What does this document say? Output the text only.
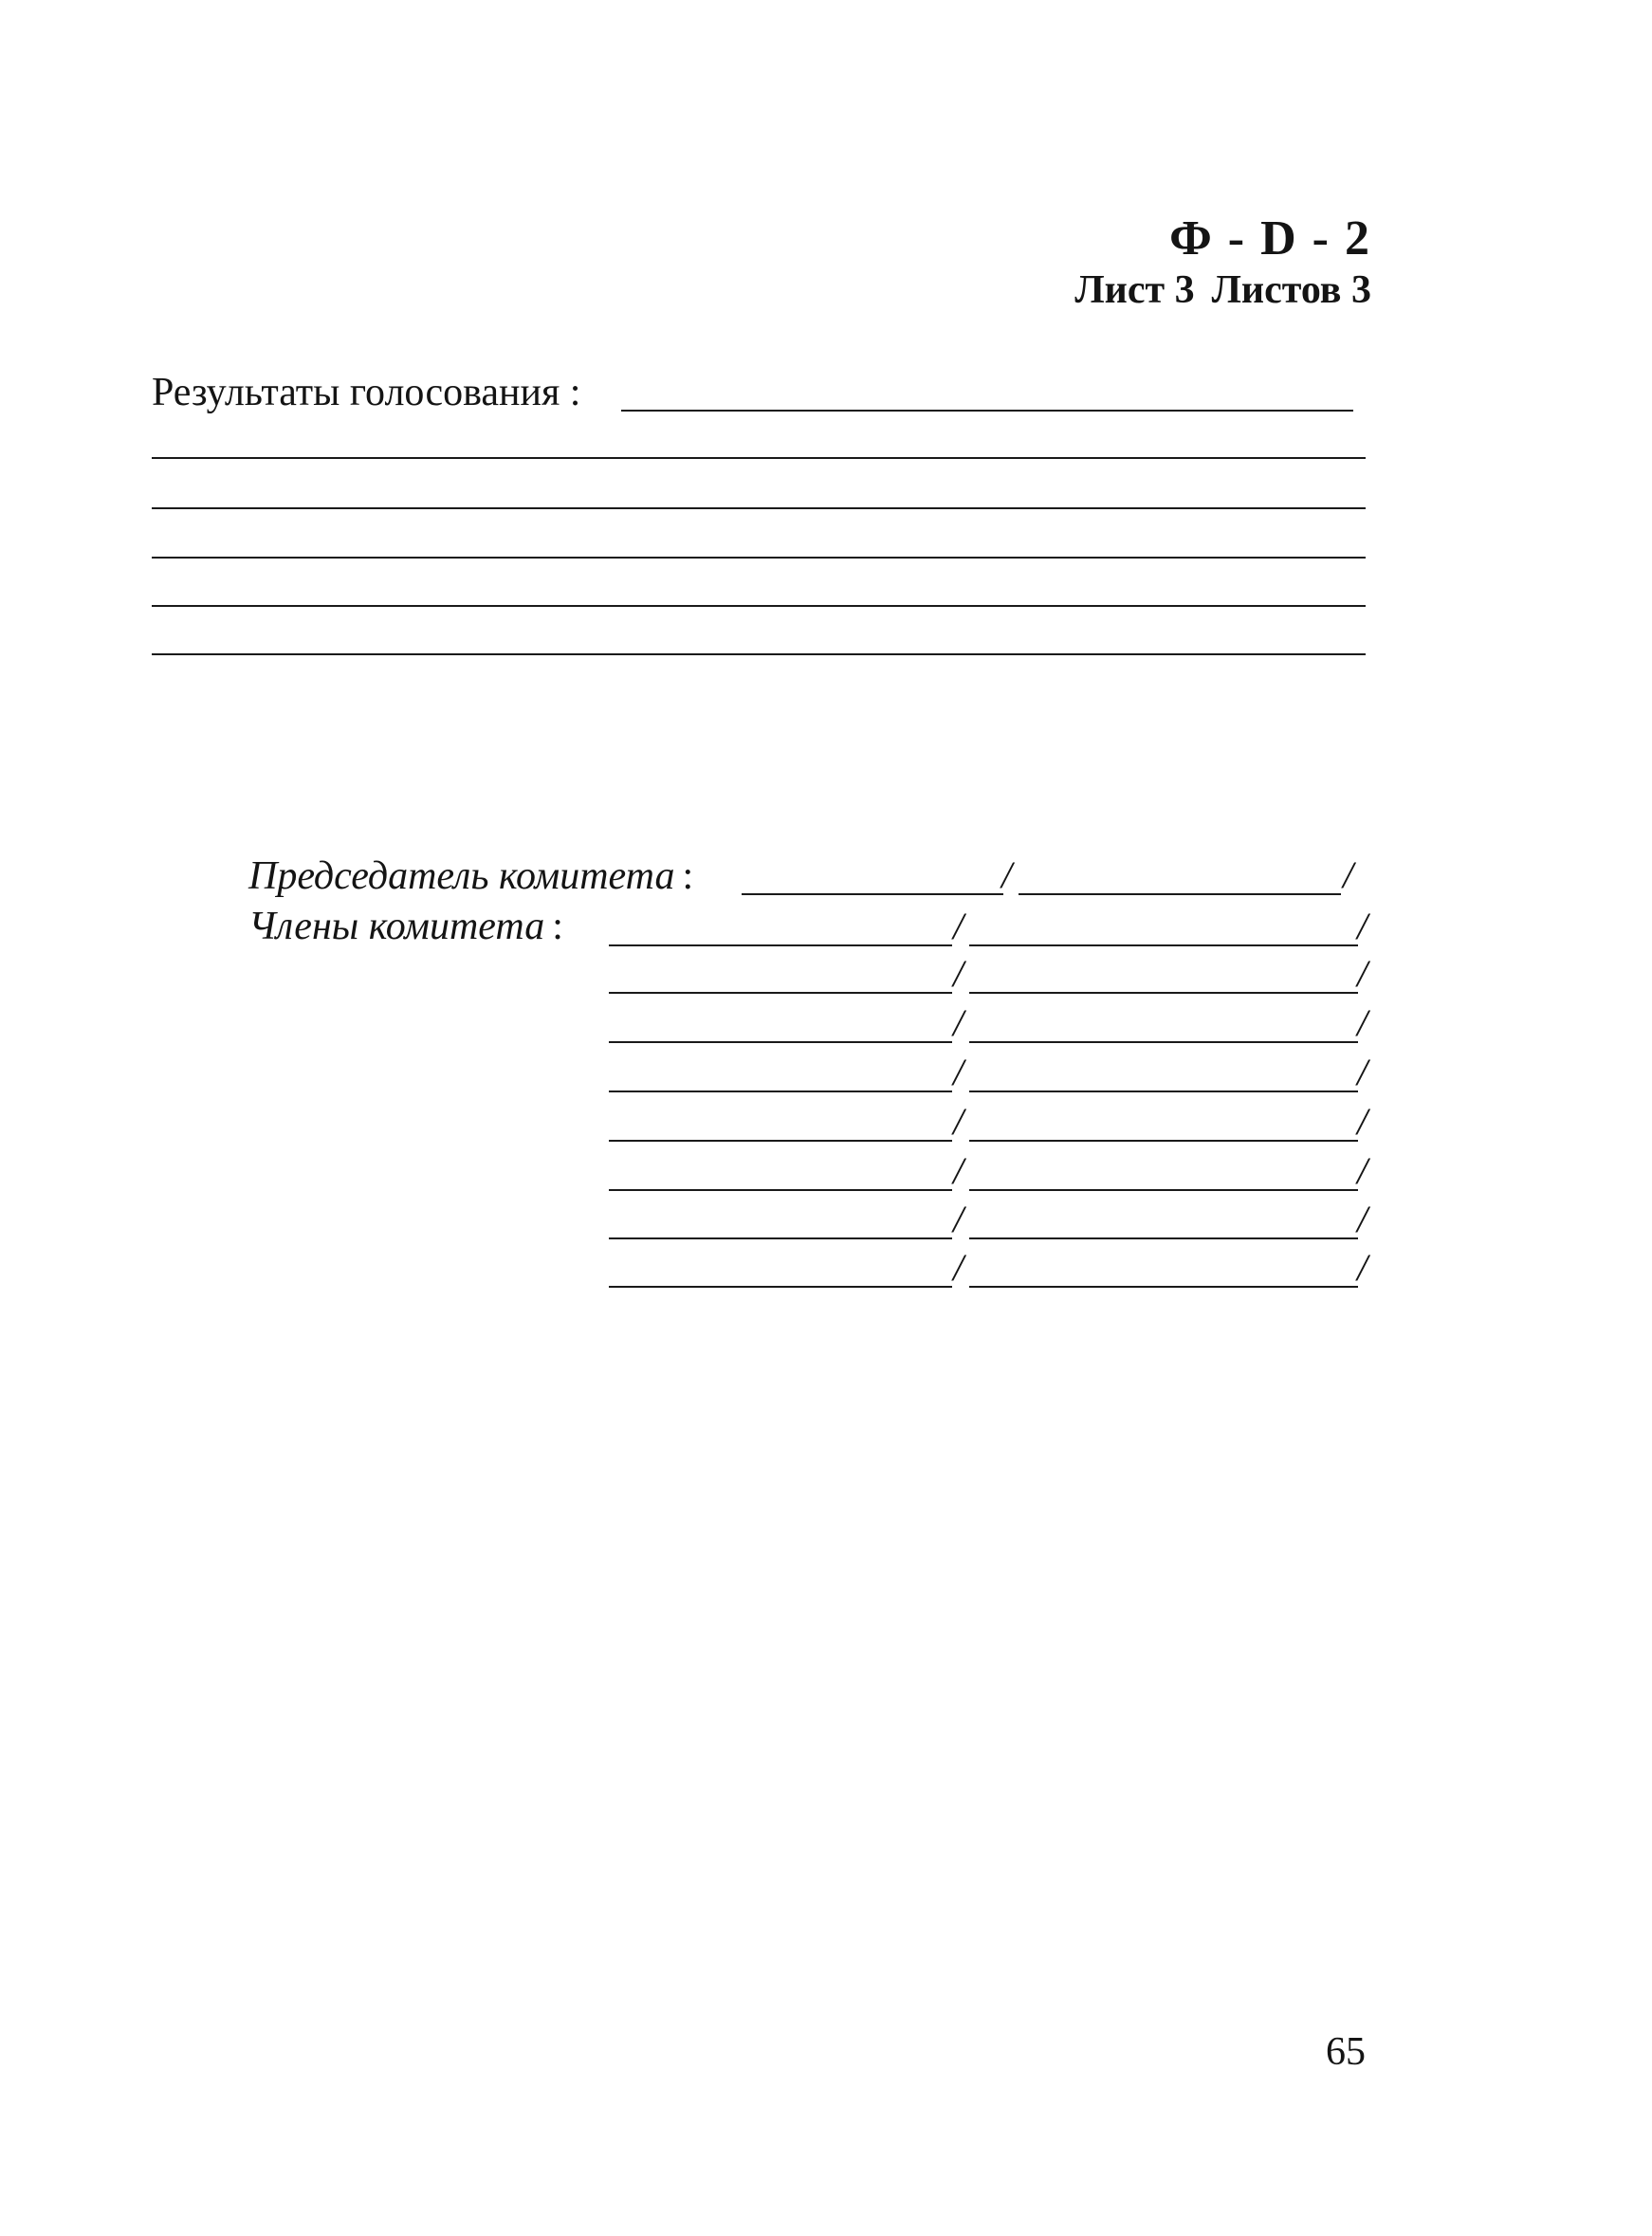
Ф - D - 2
Лист 3 Листов 3
Результаты голосования :
Председатель комитета :	/	/
Члены комитета :	/	/
/	/
/	/
/	/
/	/
/	/
/	/
/	/
65
